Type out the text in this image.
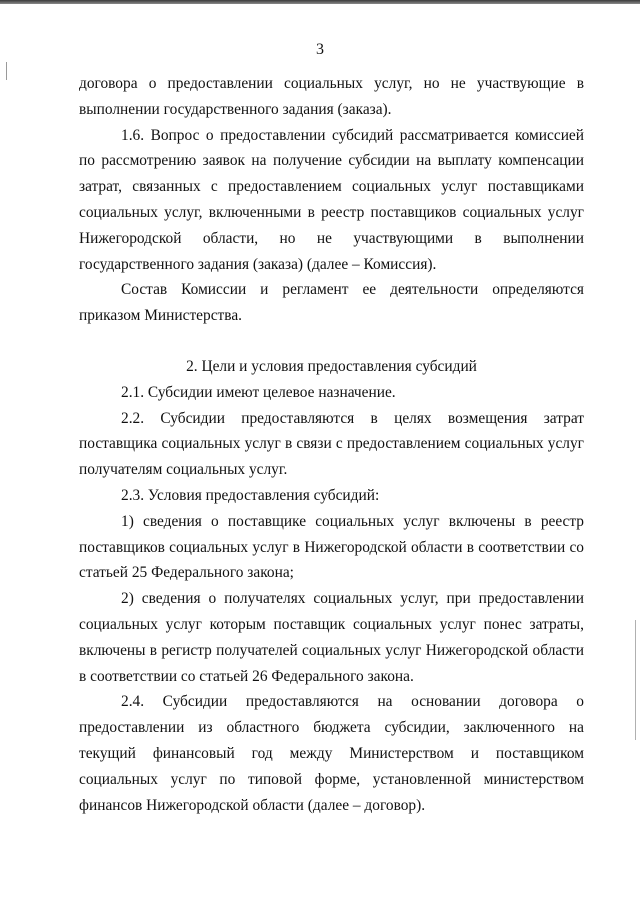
3

договора о предоставлении социальных услуг, но не участвующие в выполнении государственного задания (заказа).

1.6. Вопрос о предоставлении субсидий рассматривается комиссией по рассмотрению заявок на получение субсидии на выплату компенсации затрат, связанных с предоставлением социальных услуг поставщиками социальных услуг, включенными в реестр поставщиков социальных услуг Нижегородской области, но не участвующими в выполнении государственного задания (заказа) (далее – Комиссия).

Состав Комиссии и регламент ее деятельности определяются приказом Министерства.

2. Цели и условия предоставления субсидий

2.1. Субсидии имеют целевое назначение.

2.2. Субсидии предоставляются в целях возмещения затрат поставщика социальных услуг в связи с предоставлением социальных услуг получателям социальных услуг.

2.3. Условия предоставления субсидий:

1) сведения о поставщике социальных услуг включены в реестр поставщиков социальных услуг в Нижегородской области в соответствии со статьей 25 Федерального закона;

2) сведения о получателях социальных услуг, при предоставлении социальных услуг которым поставщик социальных услуг понес затраты, включены в регистр получателей социальных услуг Нижегородской области в соответствии со статьей 26 Федерального закона.

2.4. Субсидии предоставляются на основании договора о предоставлении из областного бюджета субсидии, заключенного на текущий финансовый год между Министерством и поставщиком социальных услуг по типовой форме, установленной министерством финансов Нижегородской области (далее – договор).
